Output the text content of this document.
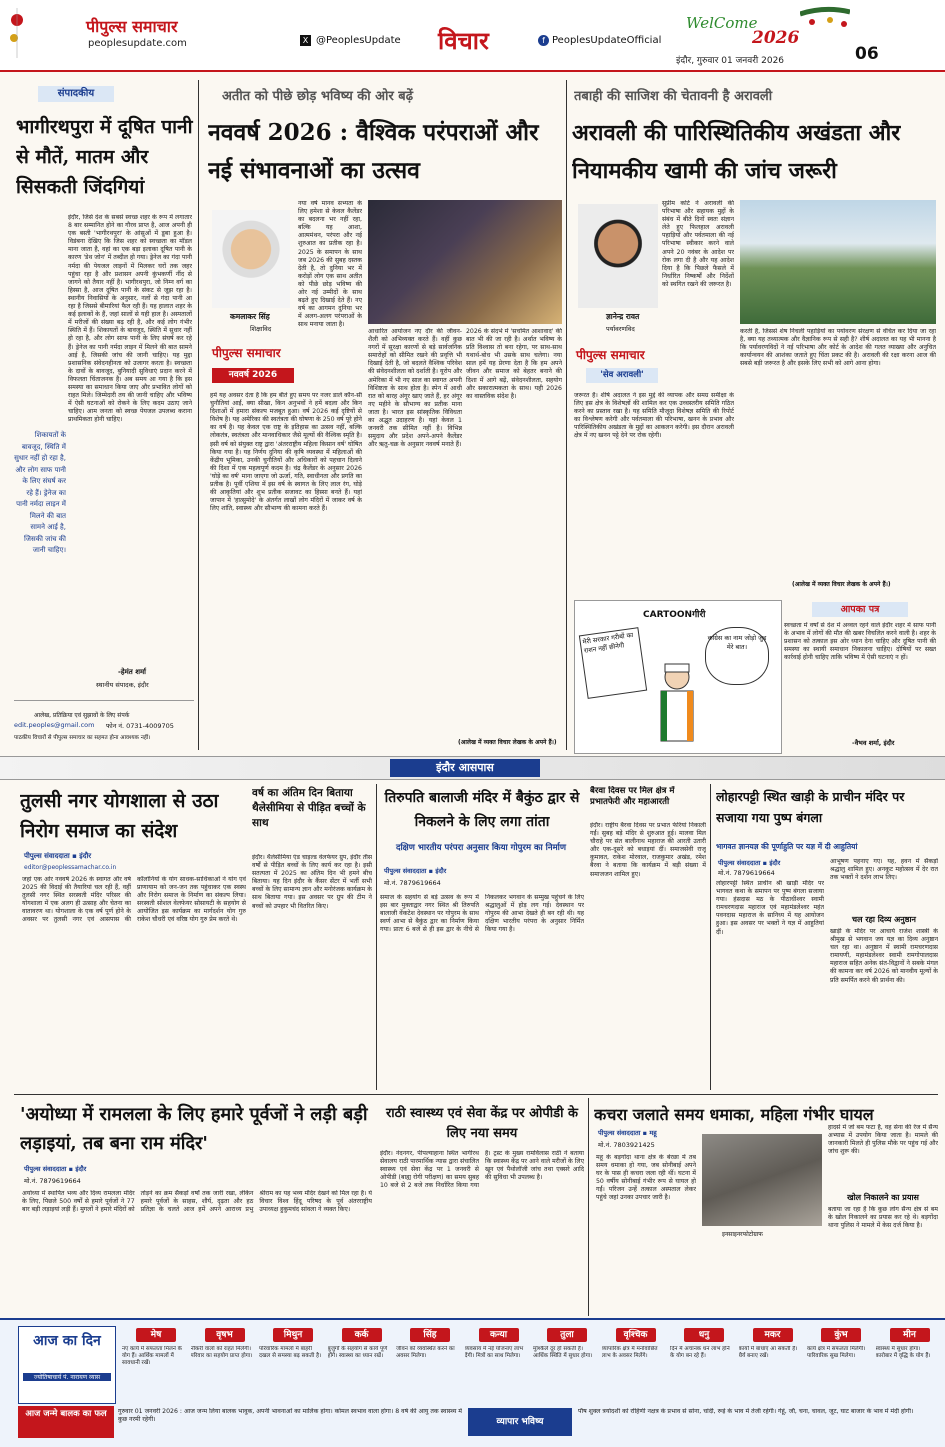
पीपुल्स समाचार
peoplesupdate.com	X @PeoplesUpdate विचार	f PeoplesUpdateOfficial
WelCome
2026
06
इंदौर, गुरुवार 01 जनवरी 2026
संपादकीय
भागीरथपुरा में दूषित पानी से मौतें, मातम और सिसकती जिंदगियां
इंदौर, जिसे देश के सबसे स्वच्छ शहर के रूप में लगातार 8 बार सम्मानित होने का गौरव प्राप्त है, आज अपनी ही एक बस्ती 'भागीरथपुरा' के आंसुओं में डूबा हुआ है। विडंबना देखिए कि जिस शहर को स्वच्छता का मॉडल माना जाता है, वहां का एक बड़ा इलाका दूषित पानी के कारण 'डेथ जोन' में तब्दील हो गया। ड्रेनेज का गंदा पानी नर्मदा की पेयजल लाइनों में मिलकर घरों तक जहर पहुंचा रहा है और प्रशासन अपनी कुंभकर्णी नींद से जागने को तैयार नहीं है। भागीरथपुरा, जो निम्न वर्ग का हिस्सा है, आज दूषित पानी के संकट से जूझ रहा है। स्थानीय निवासियों के अनुसार, नलों से गंदा पानी आ रहा है जिससे बीमारियां फैल रही हैं। यह हालात शहर के कई इलाकों के हैं, जहां सालों से यही हाल है। अस्पतालों में मरीजों की संख्या बढ़ रही है, और कई लोग गंभीर स्थिति में हैं। शिकायतों के बावजूद, स्थिति में सुधार नहीं हो रहा है, और लोग साफ पानी के लिए संघर्ष कर रहे हैं। ड्रेनेज का पानी नर्मदा लाइन में मिलने की बात सामने आई है, जिसकी जांच की जानी चाहिए। यह मुद्दा प्रशासनिक संवेदनहीनता को उजागर करता है। स्वच्छता के दावों के बावजूद, बुनियादी सुविधाएं प्रदान करने में विफलता चिंताजनक है। अब समय आ गया है कि इस समस्या का समाधान किया जाए और प्रभावित लोगों को राहत मिले। जिम्मेदारी तय की जानी चाहिए और भविष्य में ऐसी घटनाओं को रोकने के लिए कदम उठाए जाने चाहिए। आम जनता को स्वच्छ पेयजल उपलब्ध कराना प्राथमिकता होनी चाहिए।
शिकायतों के बावजूद, स्थिति में सुधार नहीं हो रहा है, और लोग साफ पानी के लिए संघर्ष कर रहे हैं। ड्रेनेज का पानी नर्मदा लाइन में मिलने की बात सामने आई है, जिसकी जांच की जानी चाहिए।
-हेमंत शर्मा
स्थानीय संपादक, इंदौर
आलेख, प्रतिक्रिया एवं सुझावों के लिए संपर्क
edit.peoples@gmail.com फोन नं. 0731-4009705
पाठकीय विचारों से पीपुल्स समाचार का सहमत होना आवश्यक नहीं।
अतीत को पीछे छोड़ भविष्य की ओर बढ़ें
नववर्ष 2026 : वैश्विक परंपराओं और नई संभावनाओं का उत्सव
कमलाकर सिंह
शिक्षाविद
पीपुल्स समाचार
नववर्ष 2026
नया वर्ष मानव सभ्यता के लिए हमेशा से केवल कैलेंडर का बदलना भर नहीं रहा, बल्कि यह आशा, आत्ममंथन, परंपरा और नई शुरुआत का प्रतीक रहा है। 2025 के समापन के साथ जब 2026 की सुबह दस्तक देती है, तो दुनिया भर में करोड़ों लोग एक साथ अतीत को पीछे छोड़ भविष्य की ओर नई उम्मीदों के साथ बढ़ते हुए दिखाई देते हैं। नए वर्ष का आगमन दुनिया भर में अलग-अलग परंपराओं के साथ मनाया जाता है।
हमें यह अवसर देता है कि हम बीते हुए समय पर नजर डालें कौन-सी चुनौतियां आईं, क्या सीखा, किन अनुभवों ने हमें बदला और किन दिशाओं में हमारा संकल्प मजबूत हुआ। वर्ष 2026 कई दृष्टियों से विशेष है। यह अमेरिका की स्वतंत्रता की घोषणा के 250 वर्ष पूरे होने का वर्ष है। यह केवल एक राष्ट्र के इतिहास का उत्सव नहीं, बल्कि लोकतंत्र, स्वतंत्रता और मानवाधिकार जैसे मूल्यों की वैश्विक स्मृति है। इसी वर्ष को संयुक्त राष्ट्र द्वारा 'अंतरराष्ट्रीय महिला किसान वर्ष' घोषित किया गया है। यह निर्णय दुनिया की कृषि व्यवस्था में महिलाओं की केंद्रीय भूमिका, उनकी चुनौतियों और अधिकारों को पहचान दिलाने की दिशा में एक महत्वपूर्ण कदम है। चंद्र कैलेंडर के अनुसार 2026 'घोड़े का वर्ष' माना जाएगा जो ऊर्जा, गति, स्वाधीनता और प्रगति का प्रतीक है। पूर्वी एशिया में इस वर्ष के स्वागत के लिए लाल रंग, घोड़े की आकृतियां और शुभ प्रतीक सजावट का हिस्सा बनते हैं। यहां जापान में 'हात्सुमोदे' के अंतर्गत लाखों लोग मंदिरों में जाकर वर्ष के लिए शांति, स्वास्थ्य और सौभाग्य की कामना करते हैं।
आधारित आयोजन नए दौर की जीवन-शैली को अभिव्यक्त करते हैं। वहीं कुछ नगरों में सुरक्षा कारणों से बड़े सार्वजनिक समारोहों को सीमित रखने की प्रवृत्ति भी दिखाई देती है, जो बदलते वैश्विक परिवेश की संवेदनशीलता को दर्शाती है। यूरोप और अमेरिका में भी नए साल का स्वागत अपनी विशिष्टता के साथ होता है। स्पेन में आधी रात को बारह अंगूर खाए जाते हैं, हर अंगूर नए महीने के सौभाग्य का प्रतीक माना जाता है। भारत इस सांस्कृतिक विविधता का अद्भुत उदाहरण है। यहां केवल 1 जनवरी तक सीमित नहीं है। विभिन्न समुदाय और प्रदेश अपने-अपने कैलेंडर और ऋतु-चक्र के अनुसार नववर्ष मनाते हैं।
2026 के संदर्भ में 'सचमित आशावाद' की बात भी की जा रही है। अर्थात भविष्य के प्रति विश्वास तो बना रहेगा, पर साथ-साथ यथार्थ-बोध भी उसके साथ चलेगा। नया साल हमें यह प्रेरणा देता है कि हम अपने जीवन और समाज को बेहतर बनाने की दिशा में आगे बढ़ें, संवेदनशीलता, सहयोग और सकारात्मकता के साथ। यही 2026 का वास्तविक संदेश है।
(आलेख में व्यक्त विचार लेखक के अपने हैं।)
तबाही की साजिश की चेतावनी है अरावली
अरावली की पारिस्थितिकीय अखंडता और नियामकीय खामी की जांच जरूरी
ज्ञानेन्द्र रावत
पर्यावरणविद
सुप्रीम कोर्ट ने अरावली की परिभाषा और सहायक मुद्दों के संबंध में बीते दिनों स्वतः संज्ञान लेते हुए फिलहाल अरावली पहाड़ियों और पर्वतमाला की नई परिभाषा स्वीकार करने वाले अपने 20 नवंबर के आदेश पर रोक लगा दी है और यह आदेश दिया है कि पिछले फैसले में निर्धारित निष्कर्षों और निर्देशों को स्थगित रखने की जरूरत है।
पीपुल्स समाचार
'सेव अरावली'
जरूरत है। शीर्ष अदालत ने इस मुद्दे की व्यापक और समग्र समीक्षा के लिए इस क्षेत्र के विशेषज्ञों की शामिल कर एक उच्चस्तरीय समिति गठित करने का प्रस्ताव रखा है। यह समिति मौजूदा विशेषज्ञ समिति की रिपोर्ट का विश्लेषण करेगी और पर्वतमाला की परिभाषा, खनन के प्रभाव और पारिस्थितिकीय अखंडता के मुद्दों का आकलन करेगी। इस दौरान अरावली क्षेत्र में नए खनन पट्टे देने पर रोक रहेगी।
करती है, जिससे शेष निचली पहाड़ियों का पर्यावरण संरक्षण से वंचित कर दिया जा रहा है, क्या यह तथ्यात्मक और वैज्ञानिक रूप से सही है? शीर्ष अदालत का यह भी मानना है कि पर्यावरणविदों ने नई परिभाषा और कोर्ट के आदेश की गलत व्याख्या और अनुचित कार्यान्वयन की आशंका जताते हुए चिंता प्रकट की है। अरावली की रक्षा करना आज की सबसे बड़ी जरूरत है और इसके लिए सभी को आगे आना होगा।
(आलेख में व्यक्त विचार लेखक के अपने हैं।)
CARTOONगीरी
मेरी सरकार गरीबों का राशन नहीं छीनेगी
कांग्रेस का नाम जोड़ो जुड़ मेरे बात।
आपका पत्र
स्वच्छता में वर्षों से देश में अव्वल रहने वाले इंदौर शहर में साफ पानी के अभाव में लोगों की मौत की खबर विचलित करने वाली है। शहर के प्रशासन को तत्काल इस ओर ध्यान देना चाहिए और दूषित पानी की समस्या का स्थायी समाधान निकालना चाहिए। दोषियों पर सख्त कार्रवाई होनी चाहिए ताकि भविष्य में ऐसी घटनाएं न हों।
-वैभव शर्मा, इंदौर
इंदौर आसपास
तुलसी नगर योगशाला से उठा निरोग समाज का संदेश
पीपुल्स संवाददाता ▪ इंदौर
editor@peoplessamachar.co.in
जहां एक ओर नववर्ष 2026 के स्वागत और वर्ष 2025 की विदाई की तैयारियां चल रही हैं, वहीं तुलसी नगर स्थित सरस्वती मंदिर परिसर की योगशाला में एक अलग ही उत्साह और चेतना का वातावरण था। योगशाला के एक वर्ष पूर्ण होने के अवसर पर तुलसी नगर एवं आसपास की कॉलोनियों के योग साधक-साधिकाओं ने योग एवं प्राणायाम को जन-जन तक पहुंचाकर एक स्वस्थ और निरोग समाज के निर्माण का संकल्प लिया। सरस्वती सोशल वेलफेयर सोसायटी के सहयोग से आयोजित इस कार्यक्रम का मार्गदर्शन योग गुरु राकेश चौधरी एवं वरिष्ठ योग गुरु प्रेम करते थे।
वर्ष का अंतिम दिन बिताया थैलेसीमिया से पीड़ित बच्चों के साथ
इंदौर। थैलेसीमिया एंड चाइल्ड वेलफेयर ग्रुप, इंदौर तीस वर्षों से पीड़ित बच्चों के लिए कार्य कर रहा है। इसी सतत्यता में 2025 का अंतिम दिन भी हमने बीच बिताया। यह दिन इंदौर के कैंसर सेंटर में भर्ती सभी बच्चों के लिए सामान्य ज्ञान और मनोरंजक कार्यक्रम के साथ बिताया गया। इस अवसर पर ग्रुप की टीम ने बच्चों को उपहार भी वितरित किए।
तिरुपति बालाजी मंदिर में बैकुंठ द्वार से निकलने के लिए लगा तांता
दक्षिण भारतीय परंपरा अनुसार किया गोपुरम का निर्माण
पीपुल्स संवाददाता ▪ इंदौर
मो.नं. 7879619664
समाज के सहयोग से बड़े उत्सव के रूप में इस बार मुक्ताद्वार नगर स्थित श्री तिरुपति बालाजी वेंकटेश देवस्थान पर गोपुरम के साथ स्वर्ण आभा से बैकुंठ द्वार का निर्माण किया गया। प्रातः 6 बजे से ही इस द्वार के नीचे से निकलकर भगवान के सम्मुख पहुंचने के लिए श्रद्धालुओं में होड़ लग गई। देवस्थान पर गोपुरम की आभा देखते ही बन रही थी। यह दक्षिण भारतीय परंपरा के अनुसार निर्मित किया गया है।
बैरवा दिवस पर मिल क्षेत्र में प्रभातफेरी और महाआरती
इंदौर। राष्ट्रीय बैरवा दिवस पर प्रभात फेरियां निकाली गईं। सुबह बड़े मंदिर से शुरुआत हुई। मालवा मिल चौराहे पर संत बालीनाथ महाराज की आरती उतारी और एक-दूसरे को बधाइयां दीं। समाजसेवी राजू कुमावत, राकेश मोरवाल, राजकुमार अखंड, रमेश बैरवा ने बताया कि कार्यक्रम में बड़ी संख्या में समाजजन शामिल हुए।
लोहारपट्टी स्थित खाड़ी के प्राचीन मंदिर पर सजाया गया पुष्प बंगला
भागवत ज्ञानयज्ञ की पूर्णाहुति पर यज्ञ में दी आहुतियां
पीपुल्स संवाददाता ▪ इंदौर
मो.नं. 7879619664
लोहारपट्टी स्थित प्राचीन श्री खाड़ी मंदिर पर भागवत कथा के समापन पर पुष्प बंगला सजाया गया। हंसदास मठ के पीठाधीश्वर स्वामी रामचरणदास महाराज एवं महामंडलेश्वर महंत पवनदास महाराज के सानिध्य में यह आयोजन हुआ। इस अवसर पर भक्तों ने यज्ञ में आहुतियां दीं।
आभूषण पहनाए गए। यह, हवन में सैकड़ों श्रद्धालु शामिल हुए। अनकूट महोत्सव में देर रात तक भक्तों ने दर्शन लाभ लिए।
चल रहा दिव्य अनुष्ठान
खाड़ी के मंदिर पर आचार्य राजेश शास्त्री के श्रीमुख से भगवान जय यज्ञ का दिव्य अनुष्ठान चल रहा था। अनुष्ठान में स्वामी रामचरणदास रामायणी, महामंडलेश्वर स्वामी रामगोपालदास महाराज सहित अनेक संत-विद्वानों ने सबके मंगल की कामना कर वर्ष 2026 को मानवीय मूल्यों के प्रति समर्पित करने की प्रार्थना की।
'अयोध्या में रामलला के लिए हमारे पूर्वजों ने लड़ी बड़ी लड़ाइयां, तब बना राम मंदिर'
पीपुल्स संवाददाता ▪ इंदौर
मो.नं. 7879619664
अयोध्या में स्थापित भव्य और दिव्य रामलला मंदिर के लिए, पिछले 500 वर्षों से हमारे पूर्वजों ने 77 बार बड़ी लड़ाइयां लड़ी हैं। मुगलों ने हमारे मंदिरों को तोड़ने का क्रम सैकड़ों वर्षों तक जारी रखा, लेकिन हमारे पूर्वजों के साहस, शौर्य, दृढ़ता और हठ प्रतिज्ञा के चलते आज हमें अपने आराध्य प्रभु श्रीराम का यह भव्य मंदिर देखने को मिल रहा है। ये विचार विश्व हिंदू परिषद के पूर्व अंतरराष्ट्रीय उपाध्यक्ष हुकुमचंद सांवला ने व्यक्त किए।
राठी स्वास्थ्य एवं सेवा केंद्र पर ओपीडी के लिए नया समय
इंदौर। नंदनगर, पीपल्याहाना स्थित भागीरथ सेवालय राठी पारमार्थिक न्यास द्वारा संचालित स्वास्थ्य एवं सेवा केंद्र पर 1 जनवरी से ओपीडी (बाह्य रोगी परीक्षण) का समय सुबह 10 बजे से 2 बजे तक निर्धारित किया गया है। ट्रस्ट के मुख्य रामविलास राठी ने बताया कि स्वास्थ्य केंद्र पर आने वाले मरीजों के लिए खून एवं पैथोलॉजी जांच तथा एक्सरे आदि की सुविधा भी उपलब्ध है।
कचरा जलाते समय धमाका, महिला गंभीर घायल
पीपुल्स संवाददाता ▪ महू
मो.नं. 7803921425
महू के बड़गोंदा थाना क्षेत्र के बेरछा में तब समय धमाका हो गया, जब सोनीबाई अपने घर के पास ही कचरा जला रही थीं। घटना में 50 वर्षीय सोनीबाई गंभीर रूप से घायल हो गईं। परिजन उन्हें तत्काल अस्पताल लेकर पहुंचे जहां उनका उपचार जारी है।
इनसाइनरफोटोग्राफ
हादसे में जो बम फटा है, वह सेना की रेंज में सैन्य अभ्यास में उपयोग किया जाता है। मामले की जानकारी मिलते ही पुलिस मौके पर पहुंच गई और जांच शुरू की।
खोल निकालने का प्रयास
बताया जा रहा है कि कुछ लोग सैन्य क्षेत्र से बम के खोल निकालने का प्रयास कर रहे थे। बड़गोंदा थाना पुलिस ने मामले में केस दर्ज किया है।
आज का दिन
ज्योतिषाचार्य पं. नारायण व्यास
आज जन्मे बालक का फल	गुरुवार 01 जनवरी 2026 : आज जन्म लिया बालक भावुक, अपनी भावनाओं का मालिक होगा। कोमल स्वभाव वाला होगा। 8 वर्ष की आयु तक स्वास्थ्य में कुछ नरमी रहेगी।	व्यापार भविष्य
पौष शुक्ल त्रयोदशी को रोहिणी नक्षत्र के प्रभाव से सोना, चांदी, रूई के भाव में तेजी रहेगी। गेहूं, जौ, चना, चावल, जूट, घाट बाजार के भाव में मंदी होगी।
मेष
नए कार्य में सफलता मिलने के योग हैं। आर्थिक मामलों में सावधानी रखें।
वृषभ
नौकरी वालों को राहत मिलेगी। परिवार का सहयोग प्राप्त होगा।
मिथुन
परिवारिक मामलों में बाहरी दखल से समस्या बढ़ सकती है।
कर्क
बुजुर्गों के सहयोग से कार्य पूर्ण होंगे। स्वास्थ्य का ध्यान रखें।
सिंह
जीवन को व्यवस्थित करने का अवसर मिलेगा।
कन्या
व्यवसाय में नई योजनाएं लाभ देंगी। मित्रों का साथ मिलेगा।
तुला
मुश्किलें दूर हो सकती हैं। आर्थिक स्थिति में सुधार होगा।
वृश्चिक
व्यापारिक क्षेत्र में मनोवांछित लाभ के अवसर मिलेंगे।
धनु
दिन में अचानक धन लाभ होने के योग बन रहे हैं।
मकर
कार्यों में बाधाएं आ सकती हैं। धैर्य बनाए रखें।
कुंभ
कार्य क्षेत्र में सफलता मिलेगी। पारिवारिक सुख मिलेगा।
मीन
स्वास्थ्य में सुधार होगा। कारोबार में वृद्धि के योग हैं।
